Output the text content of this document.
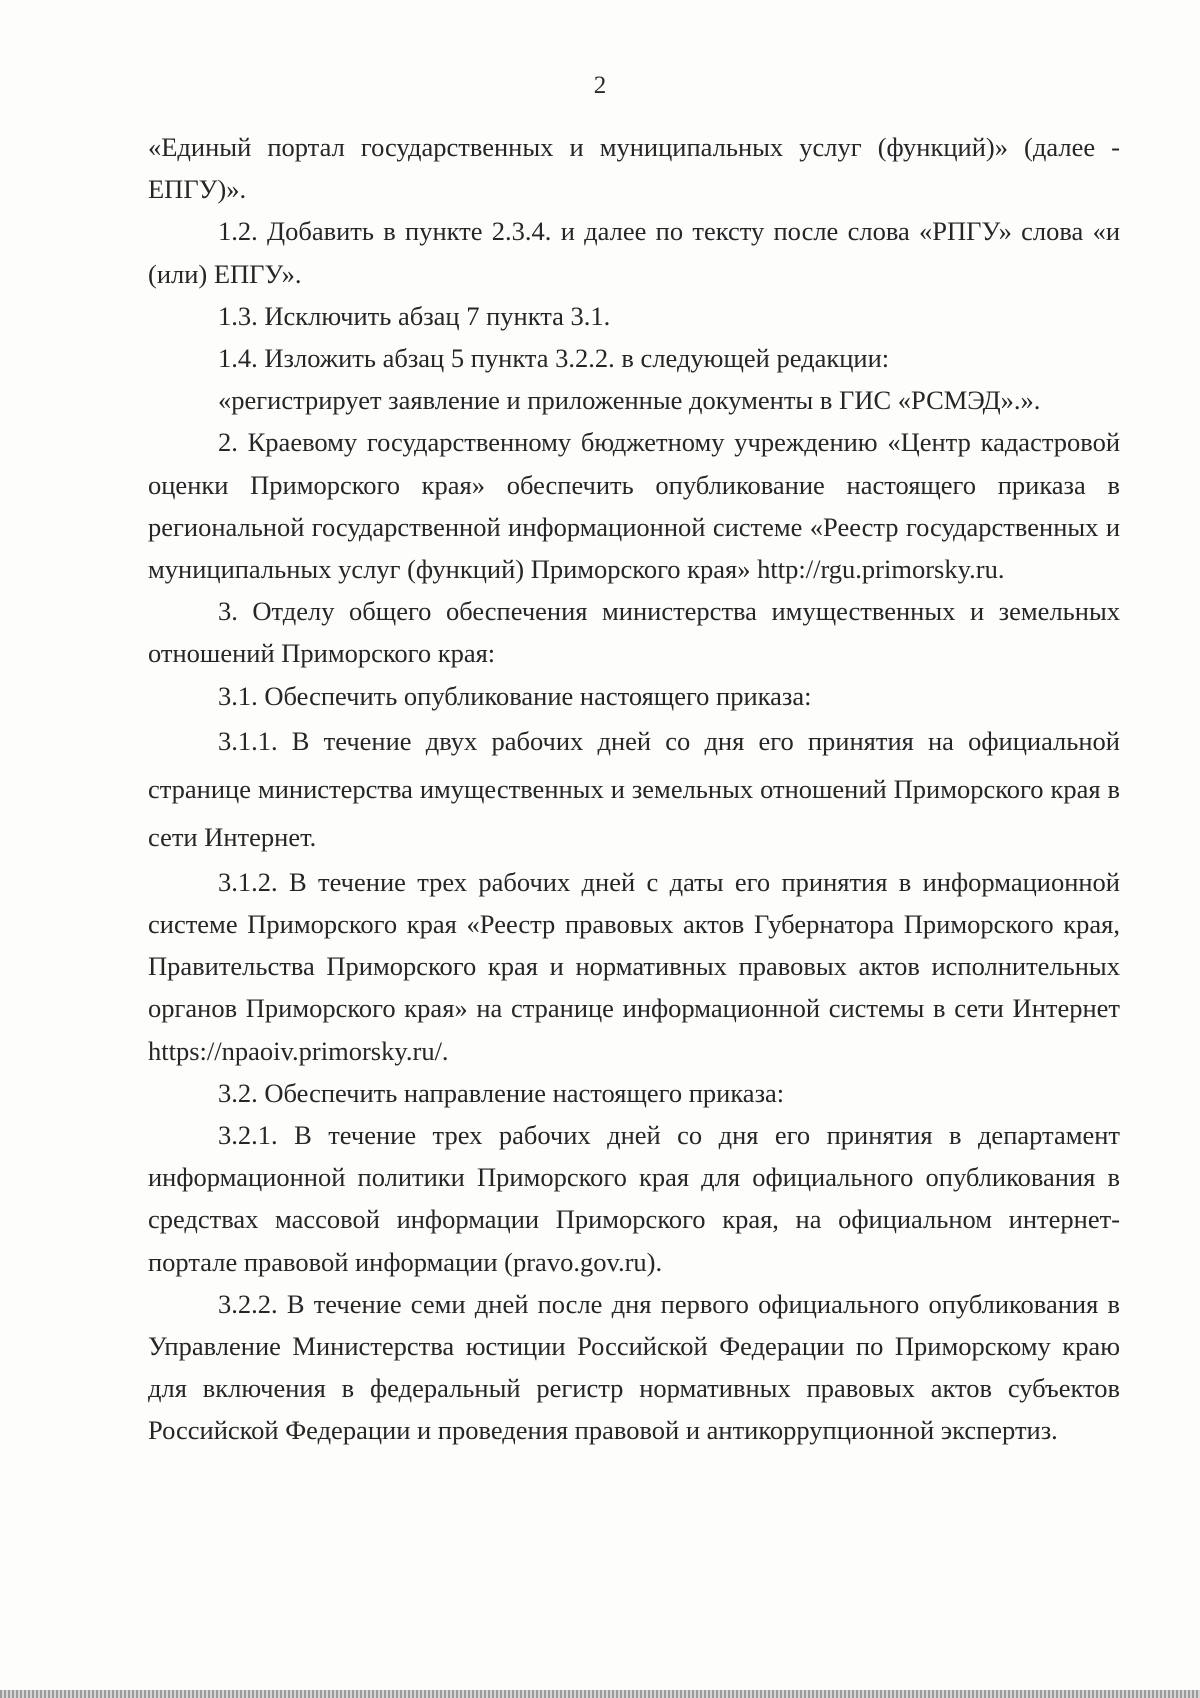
2

«Единый портал государственных и муниципальных услуг (функций)» (далее - ЕПГУ)».

1.2. Добавить в пункте 2.3.4. и далее по тексту после слова «РПГУ» слова «и (или) ЕПГУ».

1.3. Исключить абзац 7 пункта 3.1.

1.4. Изложить абзац 5 пункта 3.2.2. в следующей редакции:

«регистрирует заявление и приложенные документы в ГИС «РСМЭД».».

2. Краевому государственному бюджетному учреждению «Центр кадастровой оценки Приморского края» обеспечить опубликование настоящего приказа в региональной государственной информационной системе «Реестр государственных и муниципальных услуг (функций) Приморского края» http://rgu.primorsky.ru.

3. Отделу общего обеспечения министерства имущественных и земельных отношений Приморского края:

3.1. Обеспечить опубликование настоящего приказа:

3.1.1. В течение двух рабочих дней со дня его принятия на официальной странице министерства имущественных и земельных отношений Приморского края в сети Интернет.

3.1.2. В течение трех рабочих дней с даты его принятия в информационной системе Приморского края «Реестр правовых актов Губернатора Приморского края, Правительства Приморского края и нормативных правовых актов исполнительных органов Приморского края» на странице информационной системы в сети Интернет https://npaoiv.primorsky.ru/.

3.2. Обеспечить направление настоящего приказа:

3.2.1. В течение трех рабочих дней со дня его принятия в департамент информационной политики Приморского края для официального опубликования в средствах массовой информации Приморского края, на официальном интернет-портале правовой информации (pravo.gov.ru).

3.2.2. В течение семи дней после дня первого официального опубликования в Управление Министерства юстиции Российской Федерации по Приморскому краю для включения в федеральный регистр нормативных правовых актов субъектов Российской Федерации и проведения правовой и антикоррупционной экспертиз.
